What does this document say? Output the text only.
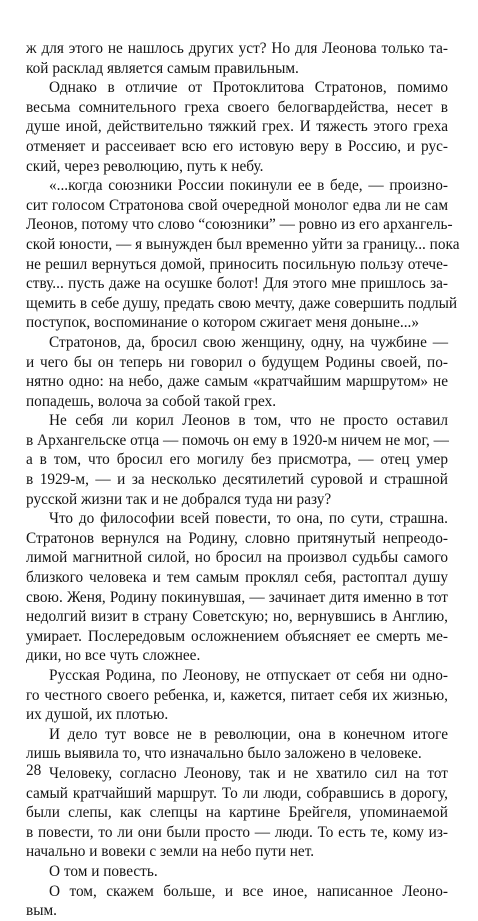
ж для этого не нашлось других уст? Но для Леонова только та-
кой расклад является самым правильным.
Однако в отличие от Протоклитова Стратонов, помимо
весьма сомнительного греха своего белогвардейства, несет в
душе иной, действительно тяжкий грех. И тяжесть этого греха
отменяет и рассеивает всю его истовую веру в Россию, и рус-
ский, через революцию, путь к небу.
«...когда союзники России покинули ее в беде, — произно-
сит голосом Стратонова свой очередной монолог едва ли не сам
Леонов, потому что слово “союзники” — ровно из его архангель-
ской юности, — я вынужден был временно уйти за границу... пока
не решил вернуться домой, приносить посильную пользу отече-
ству... пусть даже на осушке болот! Для этого мне пришлось за-
щемить в себе душу, предать свою мечту, даже совершить подлый
поступок, воспоминание о котором сжигает меня доныне...»
Стратонов, да, бросил свою женщину, одну, на чужбине —
и чего бы он теперь ни говорил о будущем Родины своей, по-
нятно одно: на небо, даже самым «кратчайшим маршрутом» не
попадешь, волоча за собой такой грех.
Не себя ли корил Леонов в том, что не просто оставил
в Архангельске отца — помочь он ему в 1920-м ничем не мог, —
а в том, что бросил его могилу без присмотра, — отец умер
в 1929-м, — и за несколько десятилетий суровой и страшной
русской жизни так и не добрался туда ни разу?
Что до философии всей повести, то она, по сути, страшна.
Стратонов вернулся на Родину, словно притянутый непреодо-
лимой магнитной силой, но бросил на произвол судьбы самого
близкого человека и тем самым проклял себя, растоптал душу
свою. Женя, Родину покинувшая, — зачинает дитя именно в тот
недолгий визит в страну Советскую; но, вернувшись в Англию,
умирает. Послередовым осложнением объясняет ее смерть ме-
дики, но все чуть сложнее.
Русская Родина, по Леонову, не отпускает от себя ни одно-
го честного своего ребенка, и, кажется, питает себя их жизнью,
их душой, их плотью.
И дело тут вовсе не в революции, она в конечном итоге
лишь выявила то, что изначально было заложено в человеке.
Человеку, согласно Леонову, так и не хватило сил на тот
самый кратчайший маршрут. То ли люди, собравшись в дорогу,
были слепы, как слепцы на картине Брейгеля, упоминаемой
в повести, то ли они были просто — люди. То есть те, кому из-
начально и вовеки с земли на небо пути нет.
О том и повесть.
О том, скажем больше, и все иное, написанное Леоно-
вым.
28
